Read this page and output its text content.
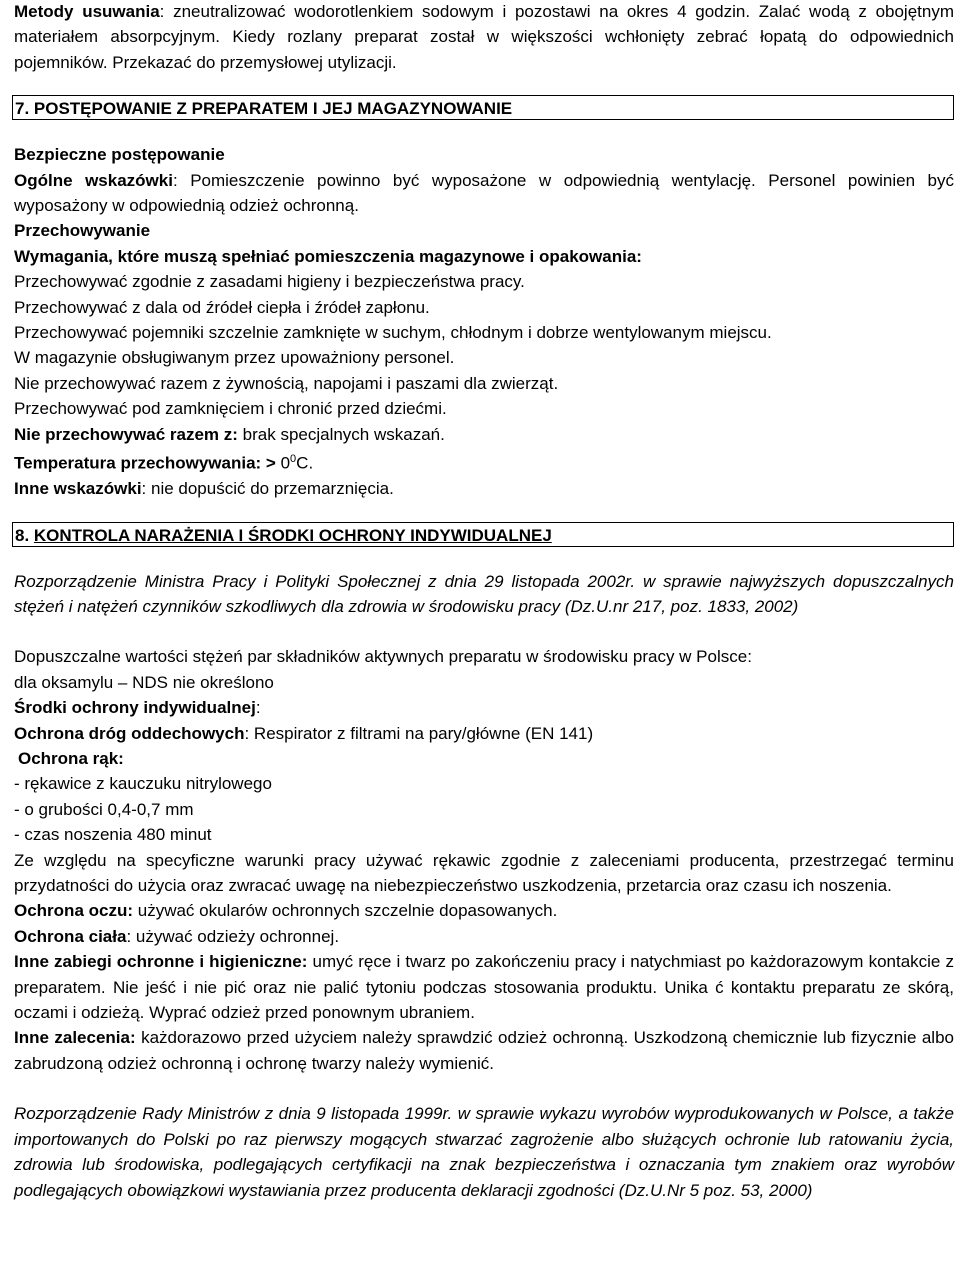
Metody usuwania: zneutralizować wodorotlenkiem sodowym i pozostawi na okres 4 godzin. Zalać wodą z obojętnym materiałem absorpcyjnym. Kiedy rozlany preparat został w większości wchłonięty zebrać łopatą do odpowiednich pojemników. Przekazać do przemysłowej utylizacji.

7. POSTĘPOWANIE Z PREPARATEM I JEJ MAGAZYNOWANIE

Bezpieczne postępowanie

Ogólne wskazówki: Pomieszczenie powinno być wyposażone w odpowiednią wentylację. Personel powinien być wyposażony w odpowiednią odzież ochronną.

Przechowywanie

Wymagania, które muszą spełniać pomieszczenia magazynowe i opakowania:

Przechowywać zgodnie z zasadami higieny i bezpieczeństwa pracy.

Przechowywać z dala od źródeł ciepła i źródeł zapłonu.

Przechowywać pojemniki szczelnie zamknięte w suchym, chłodnym i dobrze wentylowanym miejscu.

W magazynie obsługiwanym przez upoważniony personel.

Nie przechowywać razem z żywnością, napojami i paszami dla zwierząt.

Przechowywać pod zamknięciem i chronić przed dziećmi.

Nie przechowywać razem z: brak specjalnych wskazań.

Temperatura przechowywania: > $0^0C$.

Inne wskazówki: nie dopuścić do przemarznięcia.

8. KONTROLA NARAŻENIA I ŚRODKI OCHRONY INDYWIDUALNEJ

Rozporządzenie Ministra Pracy i Polityki Społecznej z dnia 29 listopada 2002r. w sprawie najwyższych dopuszczalnych stężeń i natężeń czynników szkodliwych dla zdrowia w środowisku pracy (Dz.U.nr 217, poz. 1833, 2002)

Dopuszczalne wartości stężeń par składników aktywnych preparatu w środowisku pracy w Polsce:

dla oksamylu – NDS nie określono

Środki ochrony indywidualnej:

Ochrona dróg oddechowych: Respirator z filtrami na pary/główne (EN 141)

Ochrona rąk:

- rękawice z kauczuku nitrylowego

- o grubości 0,4-0,7 mm

- czas noszenia 480 minut

Ze względu na specyficzne warunki pracy używać rękawic zgodnie z zaleceniami producenta, przestrzegać terminu przydatności do użycia oraz zwracać uwagę na niebezpieczeństwo uszkodzenia, przetarcia oraz czasu ich noszenia.

Ochrona oczu: używać okularów ochronnych szczelnie dopasowanych.

Ochrona ciała: używać odzieży ochronnej.

Inne zabiegi ochronne i higieniczne: umyć ręce i twarz po zakończeniu pracy i natychmiast po każdorazowym kontakcie z preparatem. Nie jeść i nie pić oraz nie palić tytoniu podczas stosowania produktu. Unika ć kontaktu preparatu ze skórą, oczami i odzieżą. Wyprać odzież przed ponownym ubraniem.

Inne zalecenia: każdorazowo przed użyciem należy sprawdzić odzież ochronną. Uszkodzoną chemicznie lub fizycznie albo zabrudzoną odzież ochronną i ochronę twarzy należy wymienić.

Rozporządzenie Rady Ministrów z dnia 9 listopada 1999r. w sprawie wykazu wyrobów wyprodukowanych w Polsce, a także importowanych do Polski po raz pierwszy mogących stwarzać zagrożenie albo służących ochronie lub ratowaniu życia, zdrowia lub środowiska, podlegających certyfikacji na znak bezpieczeństwa i oznaczania tym znakiem oraz wyrobów podlegających obowiązkowi wystawiania przez producenta deklaracji zgodności (Dz.U.Nr 5 poz. 53, 2000)
